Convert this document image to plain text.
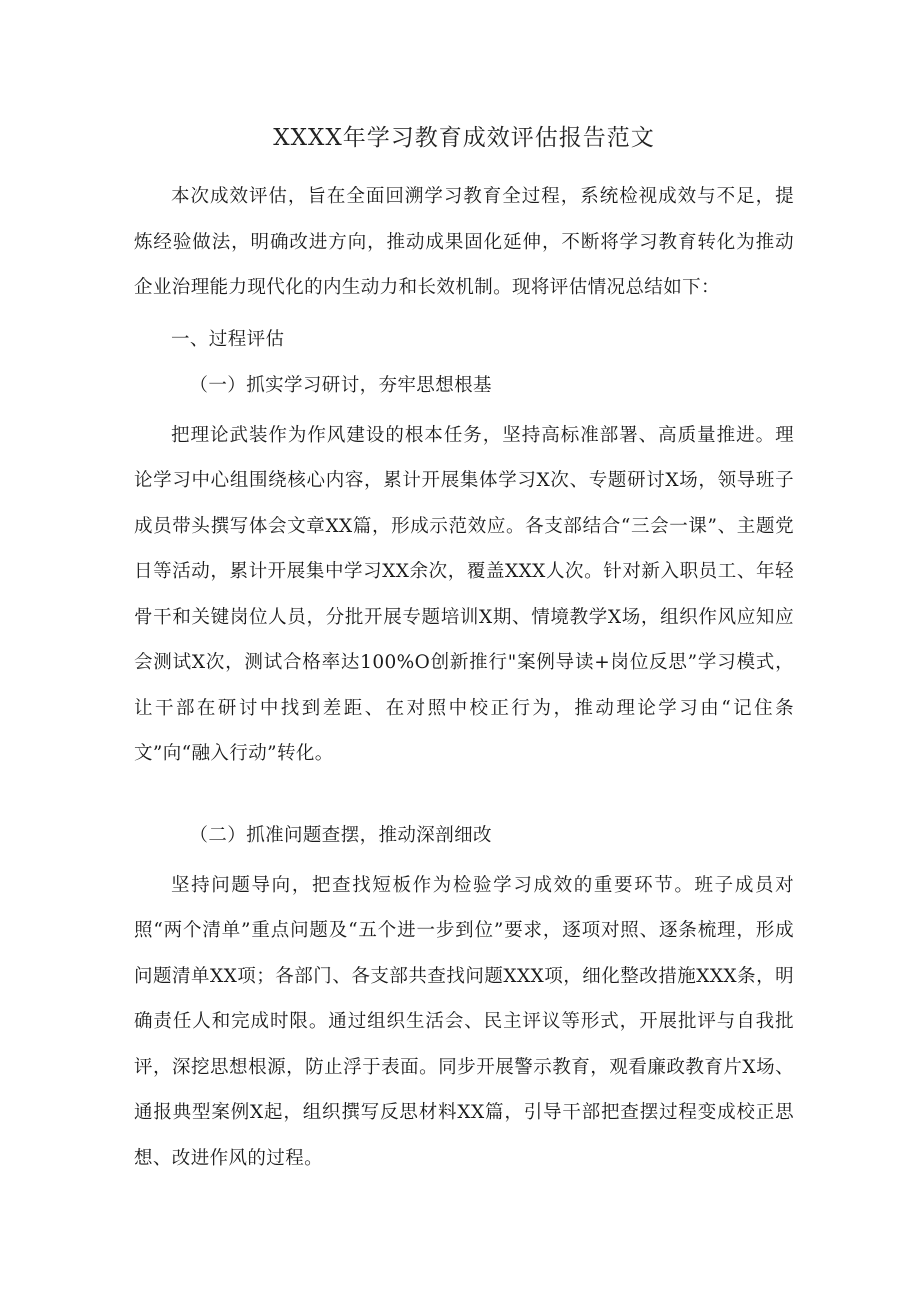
XXXX年学习教育成效评估报告范文

本次成效评估，旨在全面回溯学习教育全过程，系统检视成效与不足，提炼经验做法，明确改进方向，推动成果固化延伸，不断将学习教育转化为推动企业治理能力现代化的内生动力和长效机制。现将评估情况总结如下：

一、过程评估
（一）抓实学习研讨，夯牢思想根基

把理论武装作为作风建设的根本任务，坚持高标准部署、高质量推进。理论学习中心组围绕核心内容，累计开展集体学习X次、专题研讨X场，领导班子成员带头撰写体会文章XX篇，形成示范效应。各支部结合“三会一课”、主题党日等活动，累计开展集中学习XX余次，覆盖XXX人次。针对新入职员工、年轻骨干和关键岗位人员，分批开展专题培训X期、情境教学X场，组织作风应知应会测试X次，测试合格率达100%O创新推行"案例导读+岗位反思”学习模式，让干部在研讨中找到差距、在对照中校正行为，推动理论学习由“记住条文”向“融入行动”转化。

（二）抓准问题查摆，推动深剖细改

坚持问题导向，把查找短板作为检验学习成效的重要环节。班子成员对照“两个清单”重点问题及“五个进一步到位”要求，逐项对照、逐条梳理，形成问题清单XX项；各部门、各支部共查找问题XXX项，细化整改措施XXX条，明确责任人和完成时限。通过组织生活会、民主评议等形式，开展批评与自我批评，深挖思想根源，防止浮于表面。同步开展警示教育，观看廉政教育片X场、通报典型案例X起，组织撰写反思材料XX篇，引导干部把查摆过程变成校正思想、改进作风的过程。
